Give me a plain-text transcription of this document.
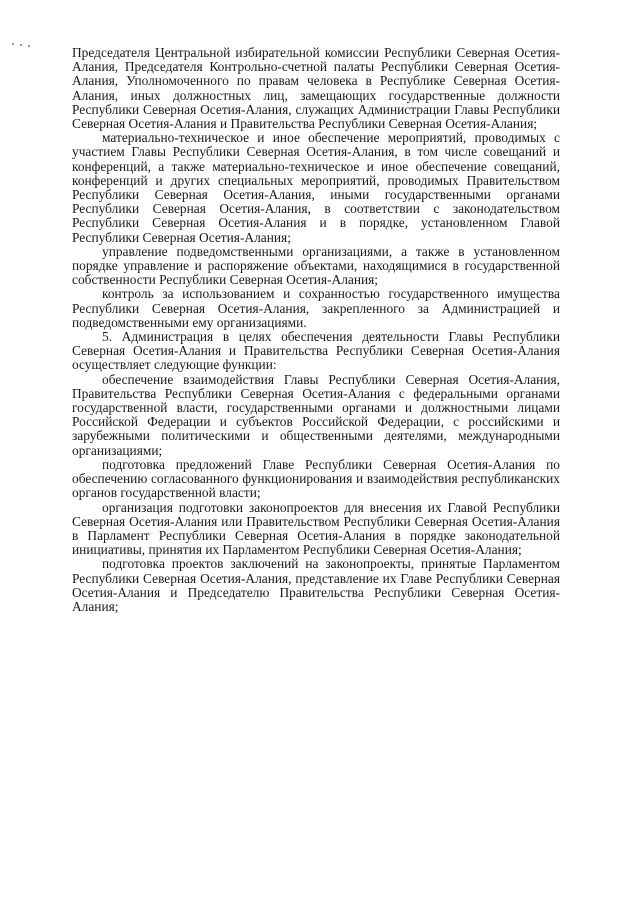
Председателя Центральной избирательной комиссии Республики Северная Осетия-Алания, Председателя Контрольно-счетной палаты Республики Северная Осетия-Алания, Уполномоченного по правам человека в Республике Северная Осетия-Алания, иных должностных лиц, замещающих государственные должности Республики Северная Осетия-Алания, служащих Администрации Главы Республики Северная Осетия-Алания и Правительства Республики Северная Осетия-Алания;

материально-техническое и иное обеспечение мероприятий, проводимых с участием Главы Республики Северная Осетия-Алания, в том числе совещаний и конференций, а также материально-техническое и иное обеспечение совещаний, конференций и других специальных мероприятий, проводимых Правительством Республики Северная Осетия-Алания, иными государственными органами Республики Северная Осетия-Алания, в соответствии с законодательством Республики Северная Осетия-Алания и в порядке, установленном Главой Республики Северная Осетия-Алания;

управление подведомственными организациями, а также в установленном порядке управление и распоряжение объектами, находящимися в государственной собственности Республики Северная Осетия-Алания;

контроль за использованием и сохранностью государственного имущества Республики Северная Осетия-Алания, закрепленного за Администрацией и подведомственными ему организациями.

5. Администрация в целях обеспечения деятельности Главы Республики Северная Осетия-Алания и Правительства Республики Северная Осетия-Алания осуществляет следующие функции:

обеспечение взаимодействия Главы Республики Северная Осетия-Алания, Правительства Республики Северная Осетия-Алания с федеральными органами государственной власти, государственными органами и должностными лицами Российской Федерации и субъектов Российской Федерации, с российскими и зарубежными политическими и общественными деятелями, международными организациями;

подготовка предложений Главе Республики Северная Осетия-Алания по обеспечению согласованного функционирования и взаимодействия республиканских органов государственной власти;

организация подготовки законопроектов для внесения их Главой Республики Северная Осетия-Алания или Правительством Республики Северная Осетия-Алания в Парламент Республики Северная Осетия-Алания в порядке законодательной инициативы, принятия их Парламентом Республики Северная Осетия-Алания;

подготовка проектов заключений на законопроекты, принятые Парламентом Республики Северная Осетия-Алания, представление их Главе Республики Северная Осетия-Алания и Председателю Правительства Республики Северная Осетия-Алания;
